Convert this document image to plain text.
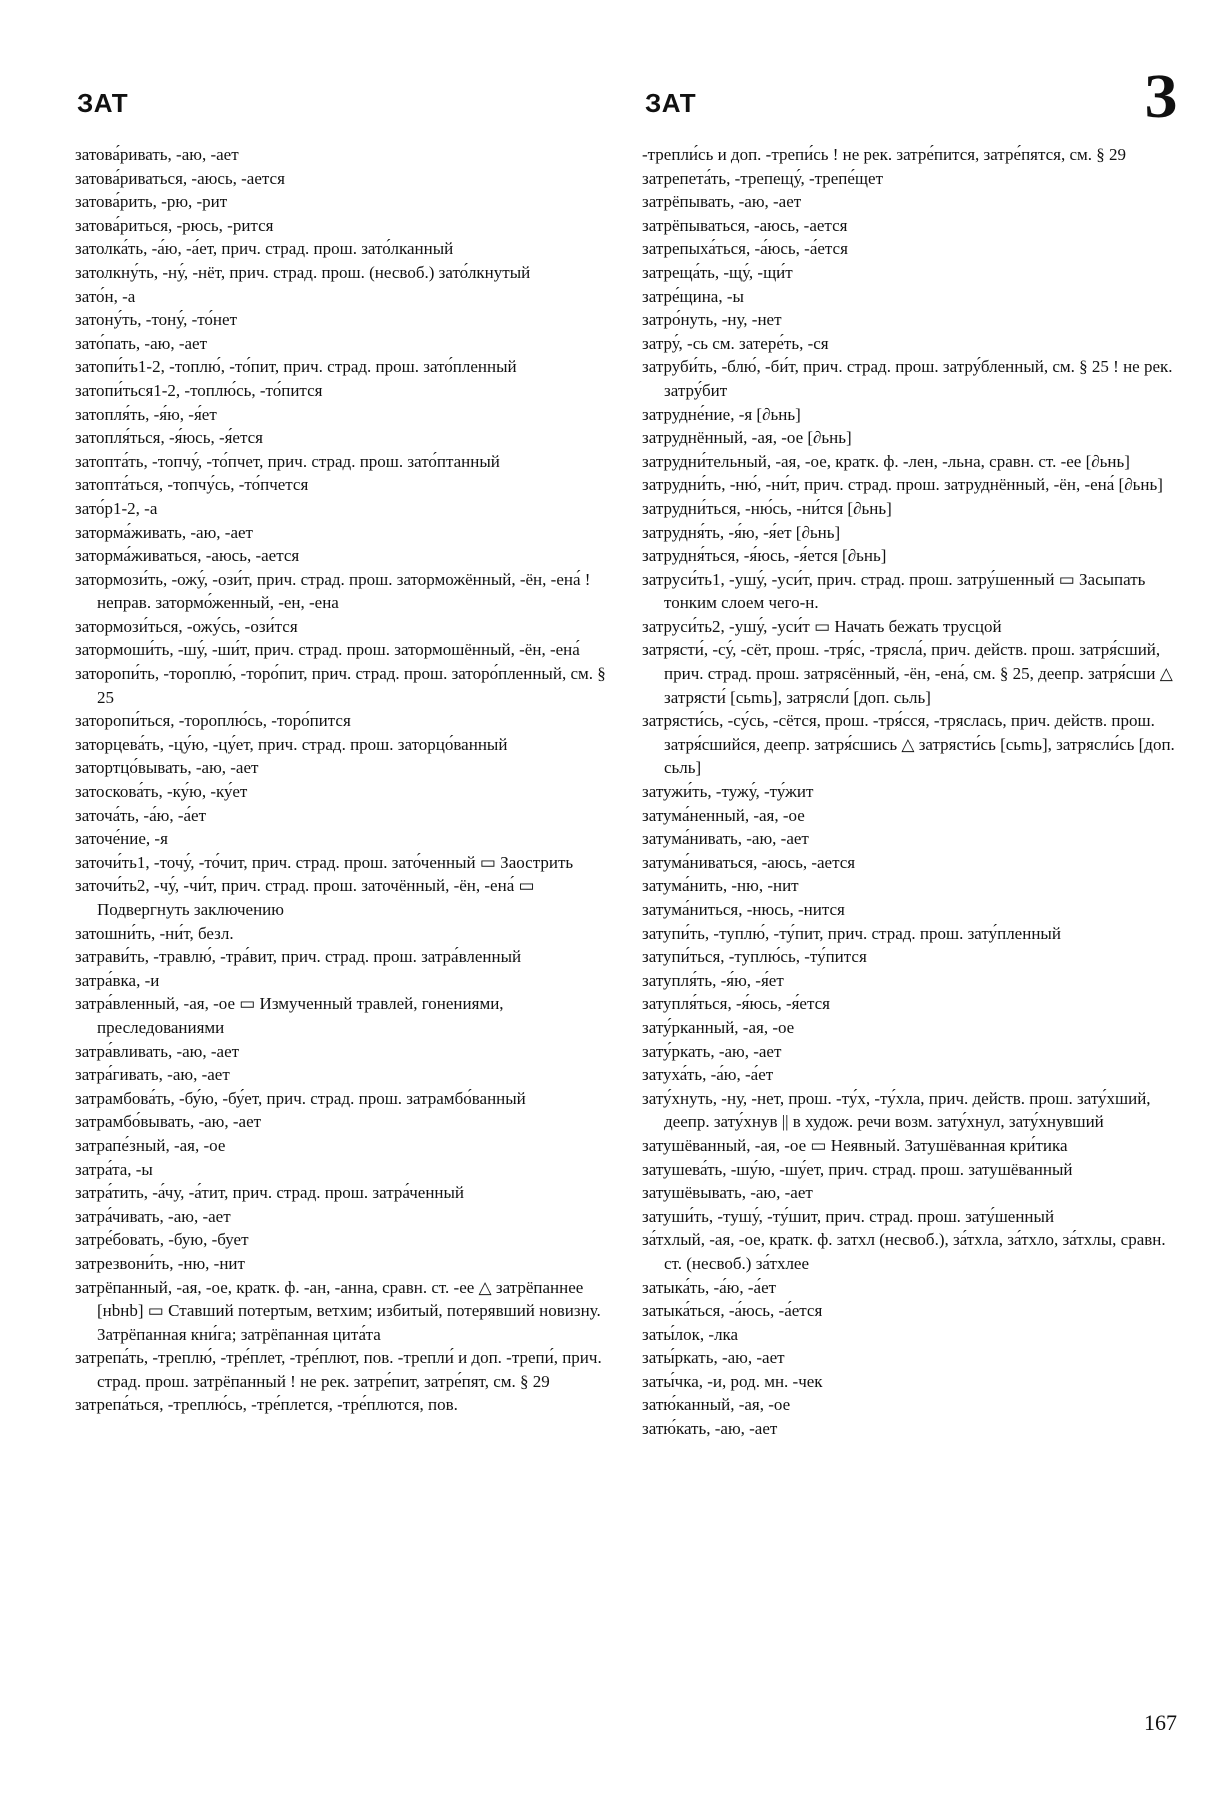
ЗАТ	ЗАТ	З
затова́ривать, -аю, -ает
затова́риваться, -аюсь, -ается
затова́рить, -рю, -рит
затова́риться, -рюсь, -рится
затолка́ть, -а́ю, -а́ет, прич. страд. прош. зато́лканный
затолкну́ть, -ну́, -нёт, прич. страд. прош. (несвоб.) зато́лкнутый
зато́н, -а
затону́ть, -тону́, -то́нет
зато́пать, -аю, -ает
затопи́ть1-2, -топлю́, -то́пит, прич. страд. прош. зато́пленный
затопи́ться1-2, -топлю́сь, -то́пится
затопля́ть, -я́ю, -я́ет
затопля́ться, -я́юсь, -я́ется
затопта́ть, -топчу́, -то́пчет, прич. страд. прош. зато́птанный
затопта́ться, -топчу́сь, -то́пчется
зато́р1-2, -а
заторма́живать, -аю, -ает
заторма́живаться, -аюсь, -ается
затормози́ть, -ожу́, -ози́т, прич. страд. прош. заторможённый, -ён, -ена́ ! неправ. затормо́женный, -ен, -ена
затормози́ться, -ожу́сь, -ози́тся
затормоши́ть, -шу́, -ши́т, прич. страд. прош. затормошённый, -ён, -ена́
заторопи́ть, -торoплю́, -торо́пит, прич. страд. прош. заторо́пленный, см. § 25
заторопи́ться, -тороплю́сь, -торо́пится
заторцева́ть, -цу́ю, -цу́ет, прич. страд. прош. заторцо́ванный
затортцо́вывать, -аю, -ает
затоскова́ть, -ку́ю, -ку́ет
заточа́ть, -а́ю, -а́ет
заточе́ние, -я
заточи́ть1, -точу́, -то́чит, прич. страд. прош. зато́ченный ▭ Заострить
заточи́ть2, -чу́, -чи́т, прич. страд. прош. заточённый, -ён, -ена́ ▭ Подвергнуть заключению
затошни́ть, -ни́т, безл.
затрави́ть, -травлю́, -тра́вит, прич. страд. прош. затра́вленный
затра́вка, -и
затра́вленный, -ая, -ое ▭ Измученный травлей, гонениями, преследованиями
затра́вливать, -аю, -ает
затра́гивать, -аю, -ает
затрамбова́ть, -бу́ю, -бу́ет, прич. страд. прош. затрамбо́ванный
затрамбо́вывать, -аю, -ает
затрапе́зный, -ая, -ое
затра́та, -ы
затра́тить, -а́чу, -а́тит, прич. страд. прош. затра́ченный
затра́чивать, -аю, -ает
затре́бовать, -бую, -бует
затрезвони́ть, -ню, -нит
затрёпанный, -ая, -ое, кратк. ф. -ан, -анна, сравн. ст. -ее △ затрёпаннее [нbнb] ▭ Ставший потертым, ветхим; избитый, потерявший новизну. Затрёпанная кни́га; затрёпанная цита́та
затрепа́ть, -треплю́, -тре́плет, -тре́плют, пов. -трепли́ и доп. -трепи́, прич. страд. прош. затрёпанный ! не рек. затре́пит, затре́пят, см. § 29
затрепа́ться, -треплю́сь, -тре́плется, -тре́плются, пов.
-трепли́сь и доп. -трепи́сь ! не рек. затре́пится, затре́пятся, см. § 29
затрепета́ть, -трепещу́, -трепе́щет
затрёпывать, -аю, -ает
затрёпываться, -аюсь, -ается
затрепыха́ться, -а́юсь, -а́ется
затреща́ть, -щу́, -щи́т
затре́щина, -ы
затро́нуть, -ну, -нет
затру́, -сь см. затере́ть, -ся
затруби́ть, -блю́, -би́т, прич. страд. прош. затру́бленный, см. § 25 ! не рек. затру́бит
затрудне́ние, -я [∂ьнь]
затруднённый, -ая, -ое [∂ьнь]
затрудни́тельный, -ая, -ое, кратк. ф. -лен, -льна, сравн. ст. -ее [∂ьнь]
затрудни́ть, -ню́, -ни́т, прич. страд. прош. затруднённый, -ён, -ена́ [∂ьнь]
затрудни́ться, -ню́сь, -ни́тся [∂ьнь]
затрудня́ть, -я́ю, -я́ет [∂ьнь]
затрудня́ться, -я́юсь, -я́ется [∂ьнь]
затруси́ть1, -ушу́, -уси́т, прич. страд. прош. затру́шенный ▭ Засыпать тонким слоем чего-н.
затруси́ть2, -ушу́, -уси́т ▭ Начать бежать трусцой
затрясти́, -су́, -сёт, прош. -тря́с, -трясла́, прич. действ. прош. затря́сший, прич. страд. прош. затрясённый, -ён, -ена́, см. § 25, деепр. затря́сши △ затрясти́ [cьmь], затрясли́ [доп. cьль]
затрясти́сь, -су́сь, -сётся, прош. -тря́сся, -тряслась, прич. действ. прош. затря́сшийся, деепр. затря́сшись △ затрясти́сь [cьmь], затрясли́сь [доп. cьль]
затужи́ть, -тужу́, -ту́жит
затума́ненный, -ая, -ое
затума́нивать, -аю, -ает
затума́ниваться, -аюсь, -ается
затума́нить, -ню, -нит
затума́ниться, -нюсь, -нится
затупи́ть, -туплю́, -ту́пит, прич. страд. прош. зату́пленный
затупи́ться, -туплю́сь, -ту́пится
затупля́ть, -я́ю, -я́ет
затупля́ться, -я́юсь, -я́ется
зату́рканный, -ая, -ое
зату́ркать, -аю, -ает
затуха́ть, -а́ю, -а́ет
зату́хнуть, -ну, -нет, прош. -ту́х, -ту́хла, прич. действ. прош. зату́хший, деепр. зату́хнув || в худож. речи возм. зату́хнул, зату́хнувший
затушёванный, -ая, -ое ▭ Неявный. Затушёванная кри́тика
затушева́ть, -шу́ю, -шу́ет, прич. страд. прош. затушёванный
затушёвывать, -аю, -ает
затуши́ть, -тушу́, -ту́шит, прич. страд. прош. зату́шенный
за́тхлый, -ая, -ое, кратк. ф. затхл (несвоб.), за́тхла, за́тхло, за́тхлы, сравн. ст. (несвоб.) за́тхлее
затыка́ть, -а́ю, -а́ет
затыка́ться, -а́юсь, -а́ется
заты́лок, -лка
заты́ркать, -аю, -ает
заты́чка, -и, род. мн. -чек
затю́канный, -ая, -ое
затю́кать, -аю, -ает
167
